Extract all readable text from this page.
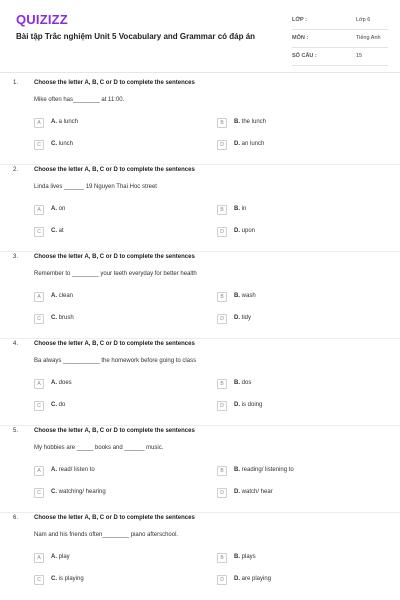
QUIZIZZ
Bài tập Trắc nghiệm Unit 5 Vocabulary and Grammar có đáp án
LỚP :	Lớp 6
MÔN :	Tiếng Anh
SỐ CÂU :	15
1.	Choose the letter A, B, C or D to complete the sentences
Mike often has________ at 11:00.
A	A. a lunch	B	B. the lunch
C	C. lunch	D	D. an lunch
2.	Choose the letter A, B, C or D to complete the sentences
Linda lives ______ 19 Nguyen Thai Hoc street
A	A. on	B	B. in
C	C. at	D	D. upon
3.	Choose the letter A, B, C or D to complete the sentences
Remember to ________ your teeth everyday for better health
A	A. clean	B	B. wash
C	C. brush	D	D. tidy
4.	Choose the letter A, B, C or D to complete the sentences
Ba always ___________ the homework before going to class
A	A. does	B	B. dos
C	C. do	D	D. is doing
5.	Choose the letter A, B, C or D to complete the sentences
My hobbies are _____ books and ______ music.
A	A. read/ listen to	B	B. reading/ listening to
C	C. watching/ hearing	D	D. watch/ hear
6.	Choose the letter A, B, C or D to complete the sentences
Nam and his friends often________ piano afterschool.
A	A. play	B	B. plays
C	C. is playing	D	D. are playing
